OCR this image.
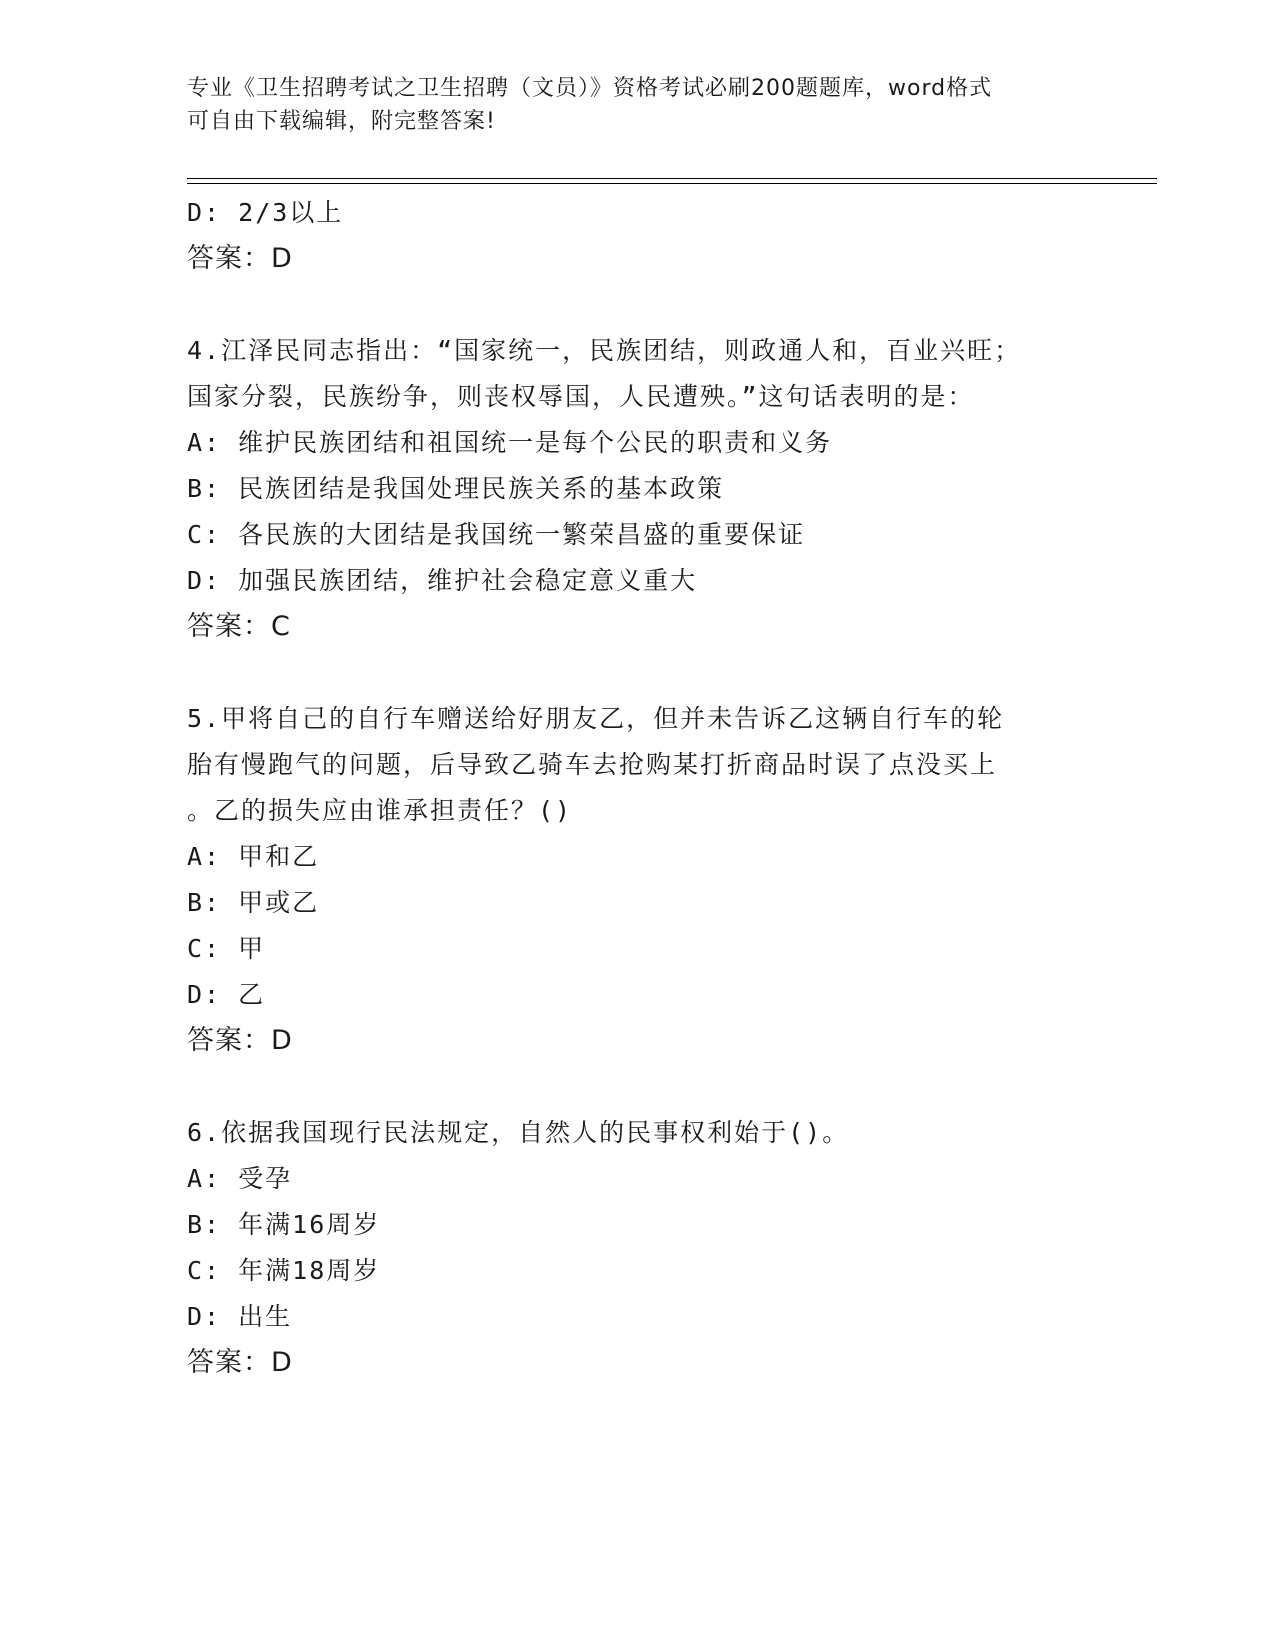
专业《卫生招聘考试之卫生招聘（文员）》资格考试必刷200题题库，word格式
可自由下载编辑，附完整答案!
D: 2/3以上
答案：D
4.江泽民同志指出：“国家统一，民族团结，则政通人和，百业兴旺；
国家分裂，民族纷争，则丧权辱国，人民遭殃。”这句话表明的是：
A: 维护民族团结和祖国统一是每个公民的职责和义务
B: 民族团结是我国处理民族关系的基本政策
C: 各民族的大团结是我国统一繁荣昌盛的重要保证
D: 加强民族团结，维护社会稳定意义重大
答案：C
5.甲将自己的自行车赠送给好朋友乙，但并未告诉乙这辆自行车的轮
胎有慢跑气的问题，后导致乙骑车去抢购某打折商品时误了点没买上
。乙的损失应由谁承担责任？()
A: 甲和乙
B: 甲或乙
C: 甲
D: 乙
答案：D
6.依据我国现行民法规定，自然人的民事权利始于()。
A: 受孕
B: 年满16周岁
C: 年满18周岁
D: 出生
答案：D
